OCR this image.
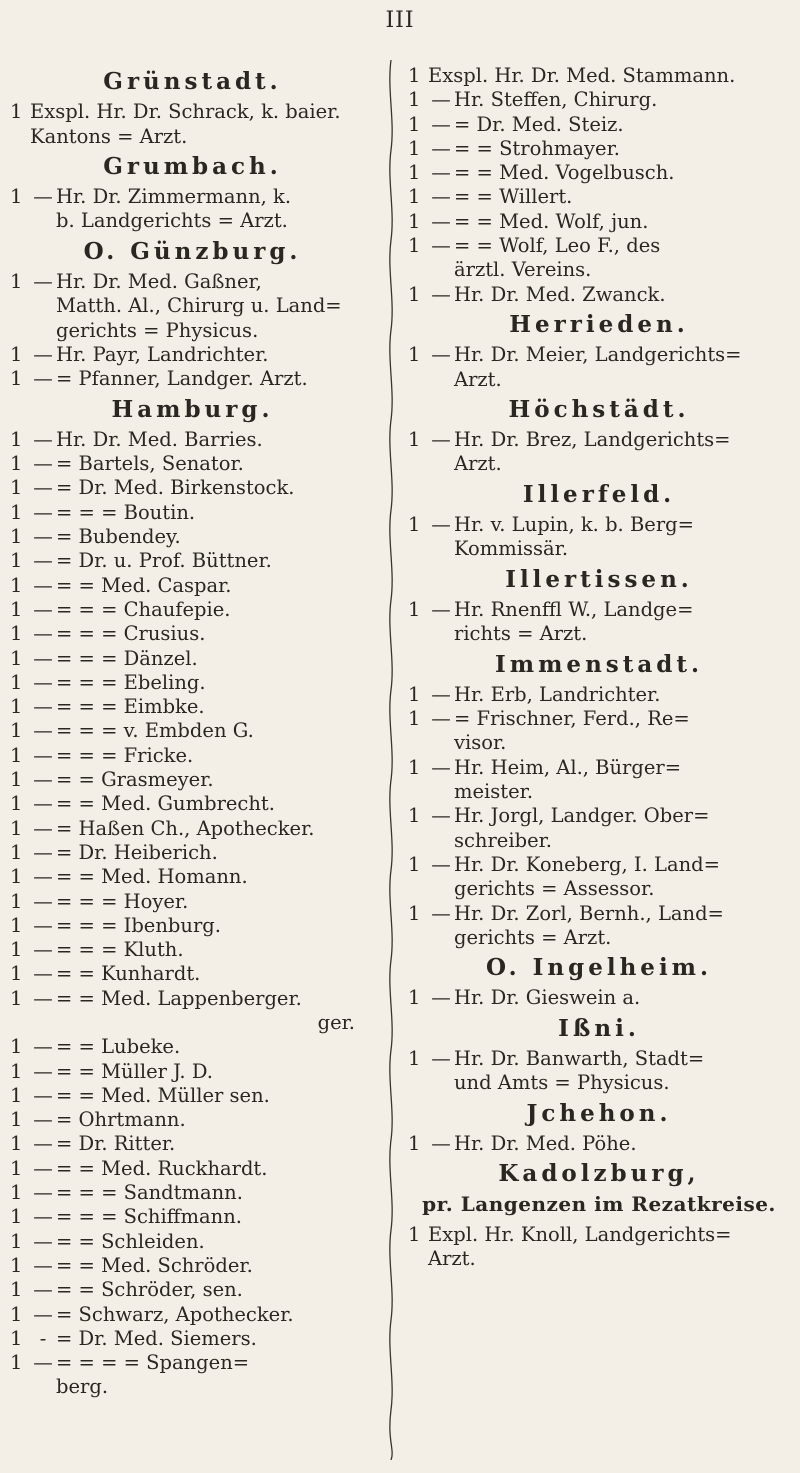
III
Grünstadt.
1 Exspl. Hr. Dr. Schrack, k. baier.
Kantons = Arzt.
Grumbach.
1 — Hr. Dr. Zimmermann, k.
b. Landgerichts = Arzt.
O. Günzburg.
1 — Hr. Dr. Med. Gaßner,
Matth. Al., Chirurg u. Land=
gerichts = Physicus.
1 — Hr. Payr, Landrichter.
1 — = Pfanner, Landger. Arzt.
Hamburg.
1 — Hr. Dr. Med. Barries.
1 — = Bartels, Senator.
1 — = Dr. Med. Birkenstock.
1 — = = = Boutin.
1 — = Bubendey.
1 — = Dr. u. Prof. Büttner.
1 — = = Med. Caspar.
1 — = = = Chaufepie.
1 — = = = Crusius.
1 — = = = Dänzel.
1 — = = = Ebeling.
1 — = = = Eimbke.
1 — = = = v. Embden G.
1 — = = = Fricke.
1 — = = Grasmeyer.
1 — = = Med. Gumbrecht.
1 — = Haßen Ch., Apothecker.
1 — = Dr. Heiberich.
1 — = = Med. Homann.
1 — = = = Hoyer.
1 — = = = Ibenburg.
1 — = = = Kluth.
1 — = = Kunhardt.
1 — = = Med. Lappenberger.
ger.
1 — = = Lubeke.
1 — = = Müller J. D.
1 — = = Med. Müller sen.
1 — = Ohrtmann.
1 — = Dr. Ritter.
1 — = = Med. Ruckhardt.
1 — = = = Sandtmann.
1 — = = = Schiffmann.
1 — = = Schleiden.
1 — = = Med. Schröder.
1 — = = Schröder, sen.
1 — = Schwarz, Apothecker.
1 - = Dr. Med. Siemers.
1 — = = = = Spangen=
berg.
1 Exspl. Hr. Dr. Med. Stammann.
1 — Hr. Steffen, Chirurg.
1 — = Dr. Med. Steiz.
1 — = = Strohmayer.
1 — = = Med. Vogelbusch.
1 — = = Willert.
1 — = = Med. Wolf, jun.
1 — = = Wolf, Leo F., des
ärztl. Vereins.
1 — Hr. Dr. Med. Zwanck.
Herrieden.
1 — Hr. Dr. Meier, Landgerichts=
Arzt.
Höchstädt.
1 — Hr. Dr. Brez, Landgerichts=
Arzt.
Illerfeld.
1 — Hr. v. Lupin, k. b. Berg=
Kommissär.
Illertissen.
1 — Hr. Rnenffl W., Landge=
richts = Arzt.
Immenstadt.
1 — Hr. Erb, Landrichter.
1 — = Frischner, Ferd., Re=
visor.
1 — Hr. Heim, Al., Bürger=
meister.
1 — Hr. Jorgl, Landger. Ober=
schreiber.
1 — Hr. Dr. Koneberg, I. Land=
gerichts = Assessor.
1 — Hr. Dr. Zorl, Bernh., Land=
gerichts = Arzt.
O. Ingelheim.
1 — Hr. Dr. Gieswein a.
Ißni.
1 — Hr. Dr. Banwarth, Stadt=
und Amts = Physicus.
Jchehon.
1 — Hr. Dr. Med. Pöhe.
Kadolzburg,
pr. Langenzen im Rezatkreise.
1 Expl. Hr. Knoll, Landgerichts=
Arzt.
